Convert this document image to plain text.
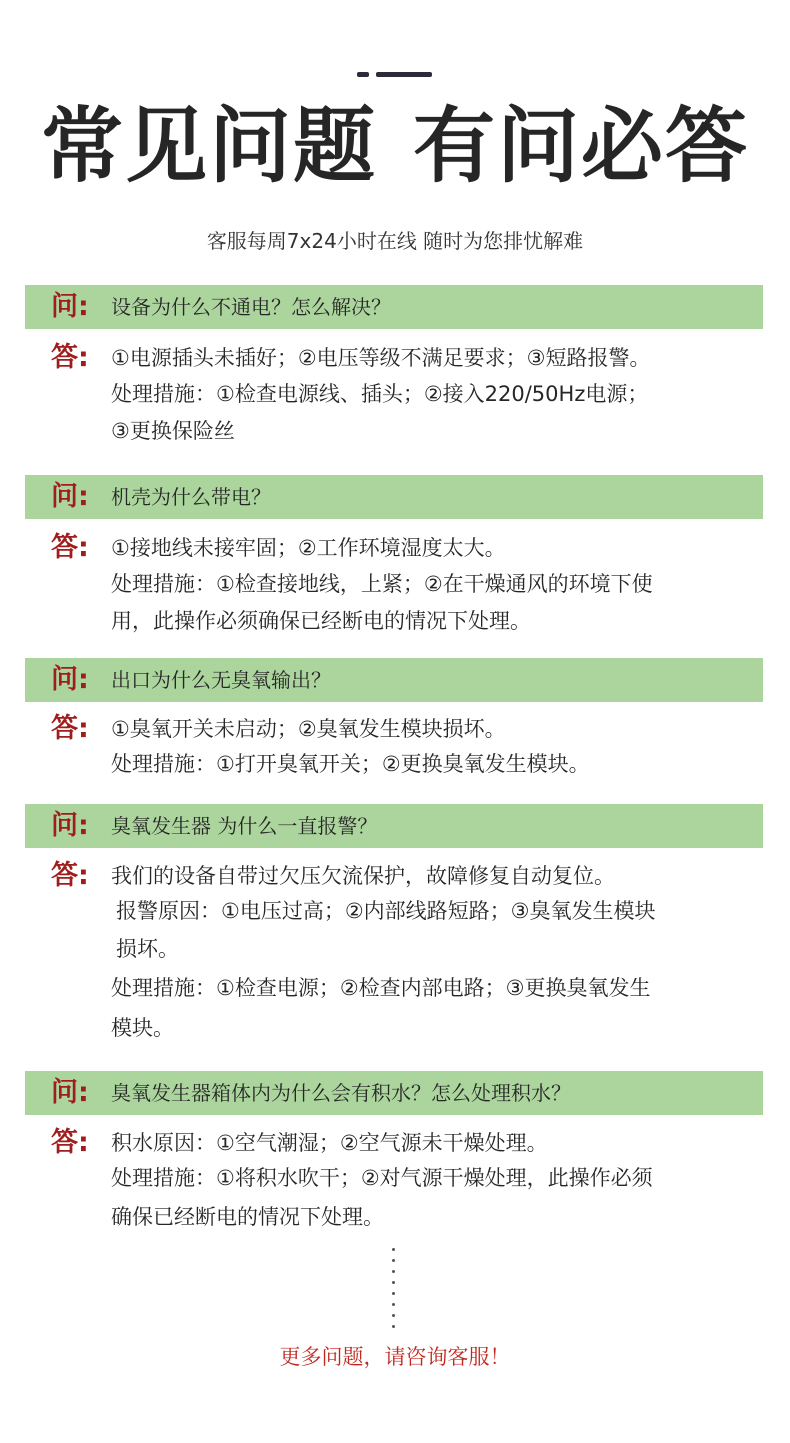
常见问题 有问必答
客服每周7x24小时在线 随时为您排忧解难
问: 设备为什么不通电？怎么解决？
答: ①电源插头未插好；②电压等级不满足要求；③短路报警。
处理措施：①检查电源线、插头；②接入220/50Hz电源；
③更换保险丝
问: 机壳为什么带电？
答: ①接地线未接牢固；②工作环境湿度太大。
处理措施：①检查接地线，上紧；②在干燥通风的环境下使
用，此操作必须确保已经断电的情况下处理。
问: 出口为什么无臭氧输出？
答: ①臭氧开关未启动；②臭氧发生模块损坏。
处理措施：①打开臭氧开关；②更换臭氧发生模块。
问: 臭氧发生器 为什么一直报警？
答: 我们的设备自带过欠压欠流保护，故障修复自动复位。
报警原因：①电压过高；②内部线路短路；③臭氧发生模块
损坏。
处理措施：①检查电源；②检查内部电路；③更换臭氧发生
模块。
问: 臭氧发生器箱体内为什么会有积水？怎么处理积水？
答: 积水原因：①空气潮湿；②空气源未干燥处理。
处理措施：①将积水吹干；②对气源干燥处理，此操作必须
确保已经断电的情况下处理。
更多问题，请咨询客服！
